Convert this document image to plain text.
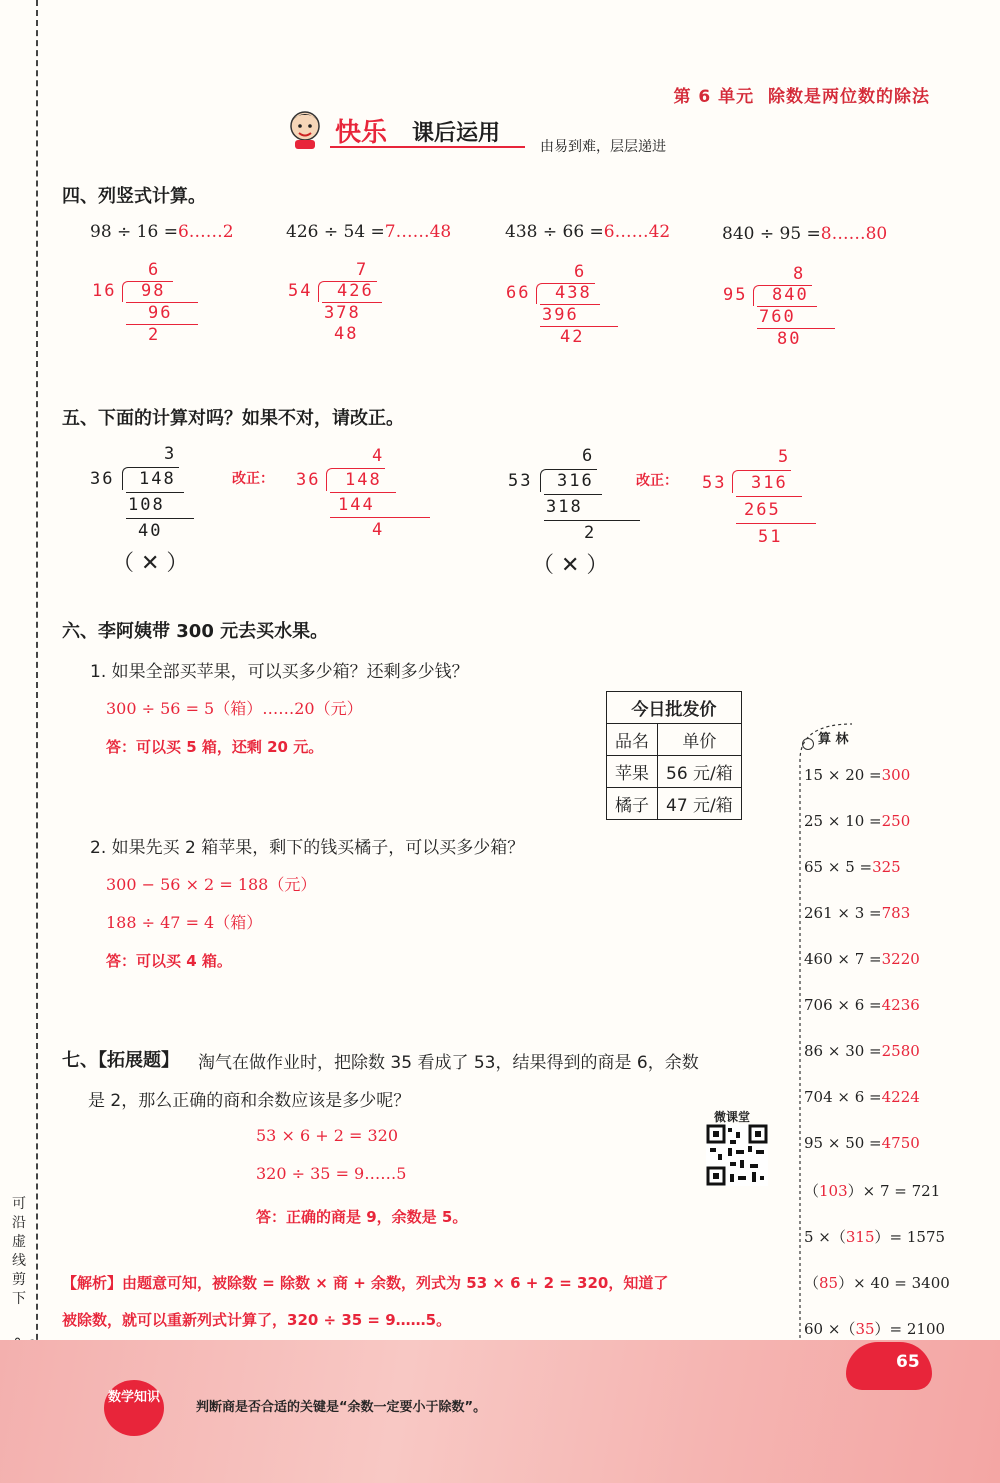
可沿虚线剪下
第 6 单元 除数是两位数的除法
快乐 课后运用
由易到难，层层递进
四、列竖式计算。
98 ÷ 16 =6……2	426 ÷ 54 =7……48	438 ÷ 66 =6……42	840 ÷ 95 =8……80
6
16 98
96
2
7
54 426
378
48
6
66 438
396
42
8
95 840
760
80
五、下面的计算对吗？如果不对，请改正。
3
36 148
108
40
（ ✕ ）
改正：
4
36 148
144
4
6
53 316
318
2
（ ✕ ）
改正：
5
53 316
265
51
六、李阿姨带 300 元去买水果。
1. 如果全部买苹果，可以买多少箱？还剩多少钱？
300 ÷ 56 = 5（箱）……20（元）
答：可以买 5 箱，还剩 20 元。
今日批发价	
品名	单价
苹果	56 元/箱
橘子	47 元/箱
2. 如果先买 2 箱苹果，剩下的钱买橘子，可以买多少箱？
300 − 56 × 2 = 188（元）
188 ÷ 47 = 4（箱）
答：可以买 4 箱。
七、【拓展题】 淘气在做作业时，把除数 35 看成了 53，结果得到的商是 6，余数
是 2，那么正确的商和余数应该是多少呢？
53 × 6 + 2 = 320
320 ÷ 35 = 9……5
答：正确的商是 9，余数是 5。
微课堂
【解析】由题意可知，被除数 = 除数 × 商 + 余数，列式为 53 × 6 + 2 = 320，知道了
被除数，就可以重新列式计算了，320 ÷ 35 = 9……5。
算 林
15 × 20 =300
25 × 10 =250
65 × 5 =325
261 × 3 =783
460 × 7 =3220
706 × 6 =4236
86 × 30 =2580
704 × 6 =4224
95 × 50 =4750
（103）× 7 = 721
5 ×（315）= 1575
（85）× 40 = 3400
60 ×（35）= 2100
数学知识
判断商是否合适的关键是“余数一定要小于除数”。
65
